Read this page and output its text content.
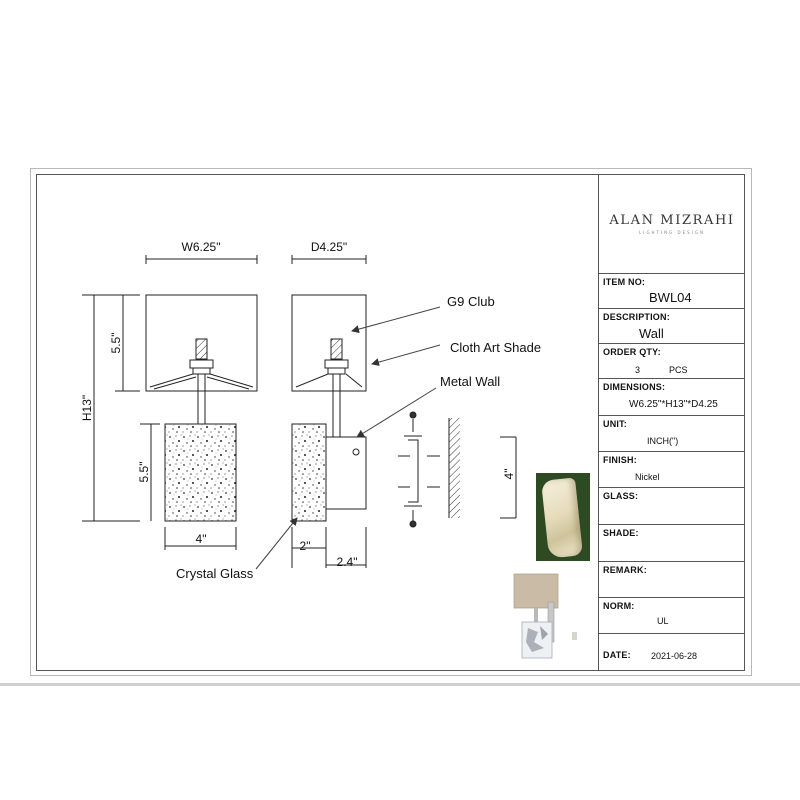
W6.25"	D4.25"
4"	2"
2.4"
H13"
5.5"
5.5"	4"
G9 Club
Cloth Art Shade
Metal Wall
Crystal Glass
ALAN MIZRAHI
LIGHTING DESIGN
ITEM NO:
BWL04
DESCRIPTION:
Wall
ORDER QTY:
3	PCS
DIMENSIONS:
W6.25"*H13"*D4.25
UNIT:
INCH(")
FINISH:
Nickel
GLASS:
SHADE:
REMARK:
NORM:
UL
DATE: 2021-06-28
